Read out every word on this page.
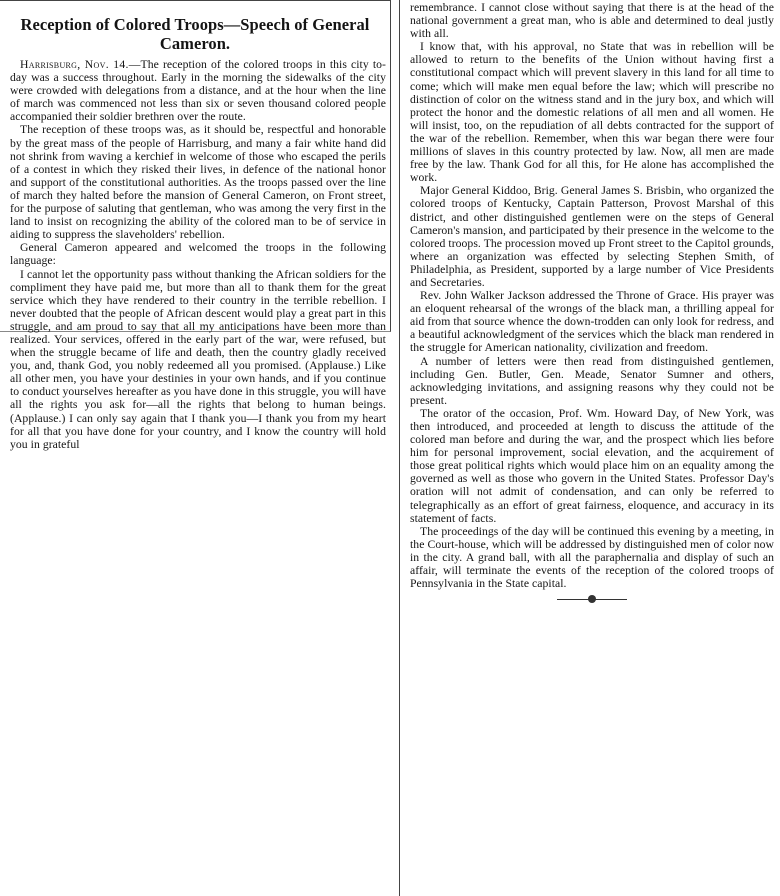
Reception of Colored Troops—Speech of General Cameron.

Harrisburg, Nov. 14.—The reception of the colored troops in this city to-day was a success throughout. Early in the morning the sidewalks of the city were crowded with delegations from a distance, and at the hour when the line of march was commenced not less than six or seven thousand colored people accompanied their soldier brethren over the route.

The reception of these troops was, as it should be, respectful and honorable by the great mass of the people of Harrisburg, and many a fair white hand did not shrink from waving a kerchief in welcome of those who escaped the perils of a contest in which they risked their lives, in defence of the national honor and support of the constitutional authorities. As the troops passed over the line of march they halted before the mansion of General Cameron, on Front street, for the purpose of saluting that gentleman, who was among the very first in the land to insist on recognizing the ability of the colored man to be of service in aiding to suppress the slaveholders' rebellion.

General Cameron appeared and welcomed the troops in the following language:

I cannot let the opportunity pass without thanking the African soldiers for the compliment they have paid me, but more than all to thank them for the great service which they have rendered to their country in the terrible rebellion. I never doubted that the people of African descent would play a great part in this struggle, and am proud to say that all my anticipations have been more than realized. Your services, offered in the early part of the war, were refused, but when the struggle became of life and death, then the country gladly received you, and, thank God, you nobly redeemed all you promised. (Applause.) Like all other men, you have your destinies in your own hands, and if you continue to conduct yourselves hereafter as you have done in this struggle, you will have all the rights you ask for—all the rights that belong to human beings. (Applause.) I can only say again that I thank you—I thank you from my heart for all that you have done for your country, and I know the country will hold you in grateful

remembrance. I cannot close without saying that there is at the head of the national government a great man, who is able and determined to deal justly with all.

I know that, with his approval, no State that was in rebellion will be allowed to return to the benefits of the Union without having first a constitutional compact which will prevent slavery in this land for all time to come; which will make men equal before the law; which will prescribe no distinction of color on the witness stand and in the jury box, and which will protect the honor and the domestic relations of all men and all women. He will insist, too, on the repudiation of all debts contracted for the support of the war of the rebellion. Remember, when this war began there were four millions of slaves in this country protected by law. Now, all men are made free by the law. Thank God for all this, for He alone has accomplished the work.

Major General Kiddoo, Brig. General James S. Brisbin, who organized the colored troops of Kentucky, Captain Patterson, Provost Marshal of this district, and other distinguished gentlemen were on the steps of General Cameron's mansion, and participated by their presence in the welcome to the colored troops. The procession moved up Front street to the Capitol grounds, where an organization was effected by selecting Stephen Smith, of Philadelphia, as President, supported by a large number of Vice Presidents and Secretaries.

Rev. John Walker Jackson addressed the Throne of Grace. His prayer was an eloquent rehearsal of the wrongs of the black man, a thrilling appeal for aid from that source whence the down-trodden can only look for redress, and a beautiful acknowledgment of the services which the black man rendered in the struggle for American nationality, civilization and freedom.

A number of letters were then read from distinguished gentlemen, including Gen. Butler, Gen. Meade, Senator Sumner and others, acknowledging invitations, and assigning reasons why they could not be present.

The orator of the occasion, Prof. Wm. Howard Day, of New York, was then introduced, and proceeded at length to discuss the attitude of the colored man before and during the war, and the prospect which lies before him for personal improvement, social elevation, and the acquirement of those great political rights which would place him on an equality among the governed as well as those who govern in the United States. Professor Day's oration will not admit of condensation, and can only be referred to telegraphically as an effort of great fairness, eloquence, and accuracy in its statement of facts.

The proceedings of the day will be continued this evening by a meeting, in the Court-house, which will be addressed by distinguished men of color now in the city. A grand ball, with all the paraphernalia and display of such an affair, will terminate the events of the reception of the colored troops of Pennsylvania in the State capital.
